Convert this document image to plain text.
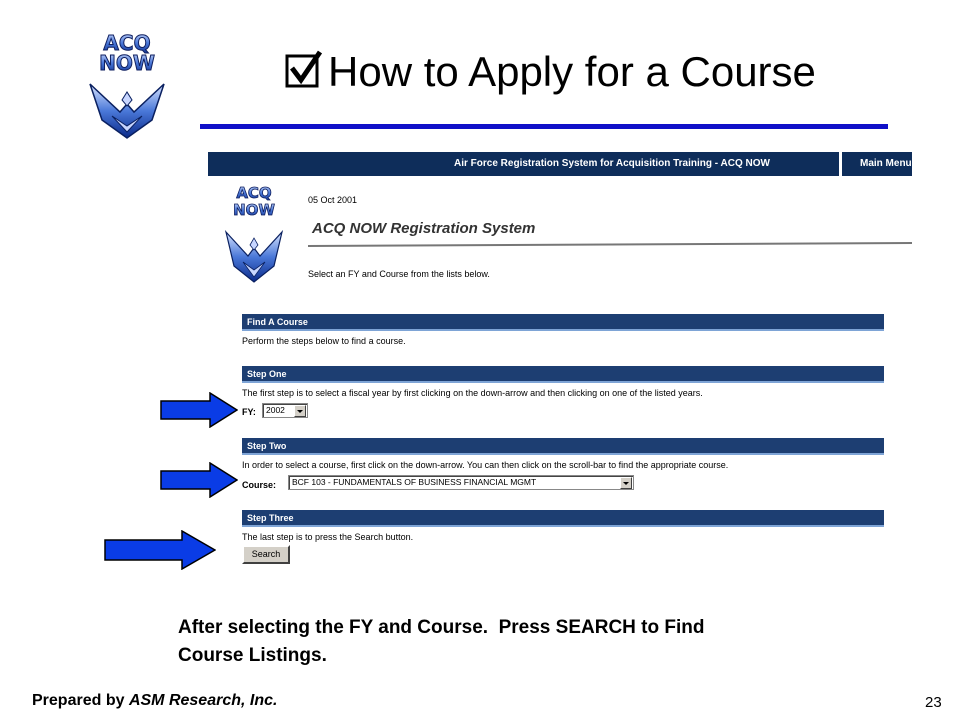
ACQ
NOW	How to Apply for a Course
Air Force Registration System for Acquisition Training - ACQ NOW	Main Menu
ACQ
NOW
05 Oct 2001
ACQ NOW Registration System
Select an FY and Course from the lists below.
Find A Course
Perform the steps below to find a course.
Step One
The first step is to select a fiscal year by first clicking on the down-arrow and then clicking on one of the listed years.
FY:	2002
Step Two
In order to select a course, first click on the down-arrow. You can then click on the scroll-bar to find the appropriate course.
Course:	BCF 103 - FUNDAMENTALS OF BUSINESS FINANCIAL MGMT
Step Three
The last step is to press the Search button.
Search
After selecting the FY and Course.  Press SEARCH to Find
Course Listings.
Prepared by ASM Research, Inc.	23
